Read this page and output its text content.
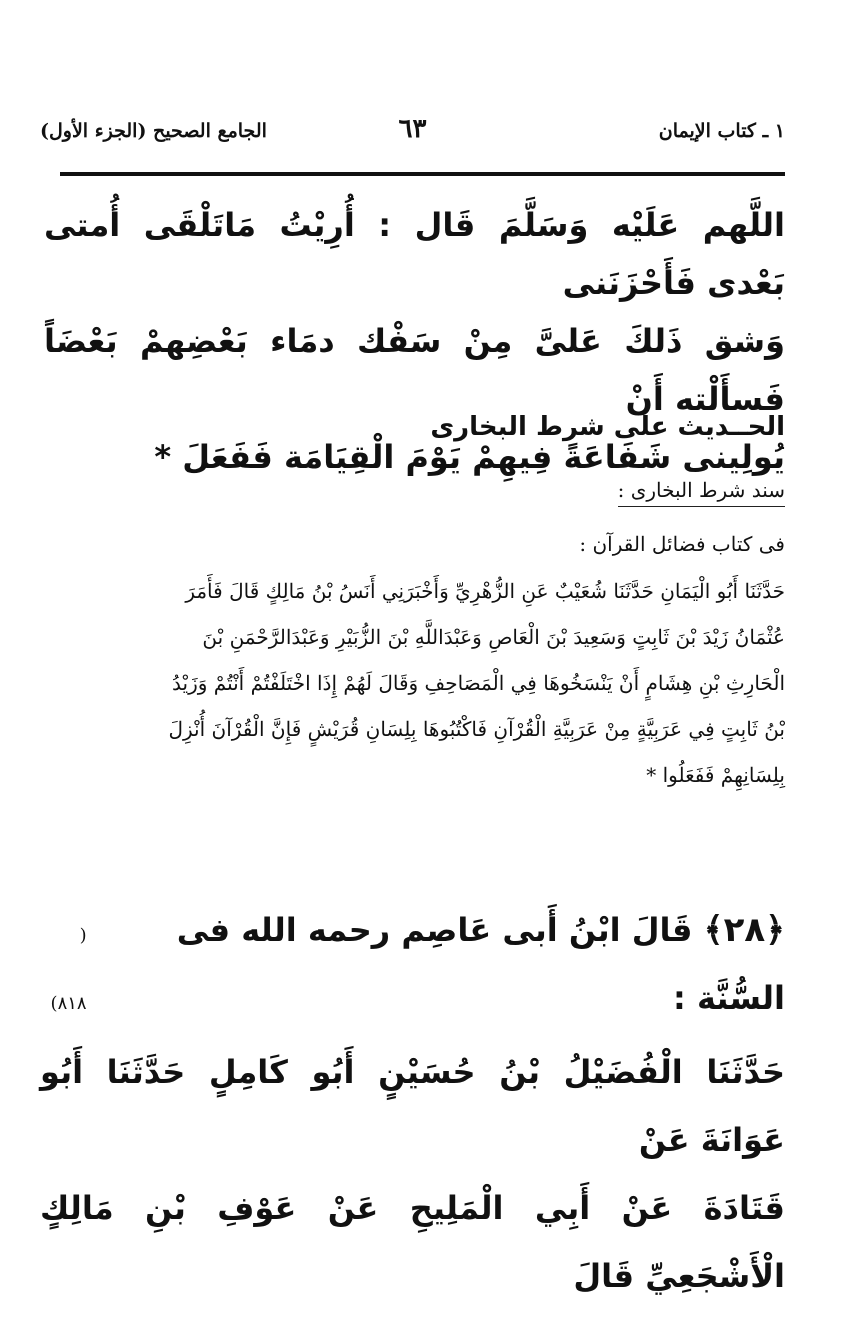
١ ـ كتاب الإيمان
٦٣
الجامع الصحيح (الجزء الأول)
اللَّهم عَلَيْه وَسَلَّمَ قَال : أُرِيْتُ مَاتَلْقَى أُمتى بَعْدى فَأَحْزَنَنى
وَشق ذَلكَ عَلىَّ مِنْ سَفْك دمَاء بَعْضِهمْ بَعْضَاً فَسأَلْته أَنْ
يُولِينى شَفَاعَةً فِيهِمْ يَوْمَ الْقِيَامَة فَفَعَلَ *
الحــديث على شرط البخارى
سند شرط البخارى :
فى كتاب فضائل القرآن :
حَدَّثَنَا أَبُو الْيَمَانِ حَدَّثَنَا شُعَيْبٌ عَنِ الزُّهْرِيِّ وَأَخْبَرَنِي أَنَسُ بْنُ مَالِكٍ قَالَ فَأَمَرَ
عُثْمَانُ زَيْدَ بْنَ ثَابِتٍ وَسَعِيدَ بْنَ الْعَاصِ وَعَبْدَاللَّهِ بْنَ الزُّبَيْرِ وَعَبْدَالرَّحْمَنِ بْنَ
الْحَارِثِ بْنِ هِشَامٍ أَنْ يَنْسَخُوهَا فِي الْمَصَاحِفِ وَقَالَ لَهُمْ إِذَا اخْتَلَفْتُمْ أَنْتُمْ وَزَيْدُ
بْنُ ثَابِتٍ فِي عَرَبِيَّةٍ مِنْ عَرَبِيَّةِ الْقُرْآنِ فَاكْتُبُوهَا بِلِسَانِ قُرَيْشٍ فَإِنَّ الْقُرْآنَ أُنْزِلَ
بِلِسَانِهِمْ فَفَعَلُوا *
﴿٢٨﴾ قَالَ ابْنُ أَبى عَاصِم رحمه الله فى السُّنَّة :
( ٨١٨)
حَدَّثَنَا الْفُضَيْلُ بْنُ حُسَيْنٍ أَبُو كَامِلٍ حَدَّثَنَا أَبُو عَوَانَةَ عَنْ
قَتَادَةَ عَنْ أَبِي الْمَلِيحِ عَنْ عَوْفِ بْنِ مَالِكٍ الْأَشْجَعِيِّ قَالَ
